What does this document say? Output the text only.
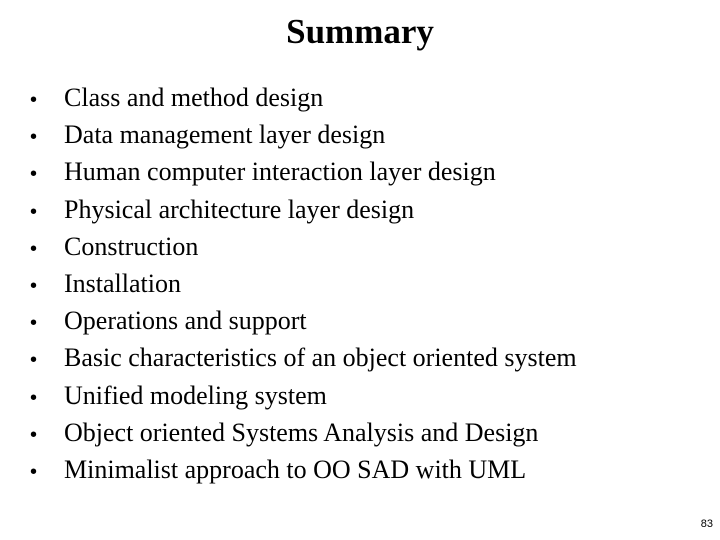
Summary
•	Class and method design
•	Data management layer design
•	Human computer interaction layer design
•	Physical architecture layer design
•	Construction
•	Installation
•	Operations and support
•	Basic characteristics of an object oriented system
•	Unified modeling system
•	Object oriented Systems Analysis and Design
•	Minimalist approach to OO SAD with UML
83
